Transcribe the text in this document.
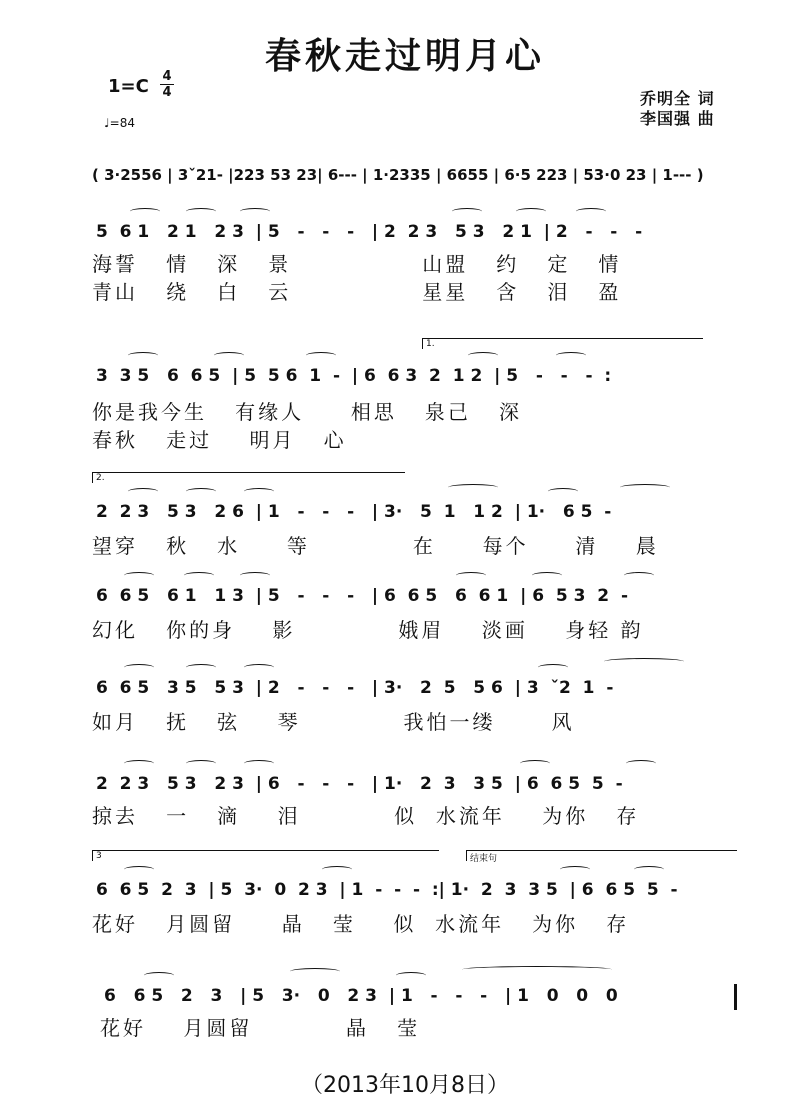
春秋走过明月心
1=C 4
4
♩=84
乔明全 词
李国强 曲
( 3·2556 | 3ˇ21- |223 53 23| 6--- | 1·2335 | 6655 | 6·5 223 | 53·0 23 | 1--- )
5  6 1   2 1   2 3  | 5   -   -   -   | 2  2 3   5 3   2 1  | 2   -   -   -
海誓   情   深   景              山盟   约   定   情
青山   绕   白   云              星星   含   泪   盈
1.
3  3 5   6  6 5  | 5  5 6  1  -  | 6  6 3  2  1 2  | 5   -   -   -  :
你是我今生   有缘人     相思   泉己   深
春秋   走过    明月   心
2.
2  2 3   5 3   2 6  | 1   -   -   -   | 3·   5  1   1 2  | 1·   6 5  -
望穿   秋   水     等           在     每个     清    晨
6  6 5   6 1   1 3  | 5   -   -   -   | 6  6 5   6  6 1  | 6  5 3  2  -
幻化   你的身    影           娥眉    淡画    身轻 韵
6  6 5   3 5   5 3  | 2   -   -   -   | 3·   2  5   5 6  | 3  ˇ2  1  -
如月   抚   弦    琴           我怕一缕      风
2  2 3   5 3   2 3  | 6   -   -   -   | 1·   2  3   3 5  | 6  6 5  5  -
掠去   一   滴    泪          似  水流年    为你   存
3	结束句
6  6 5  2  3  | 5  3·  0  2 3  | 1  -  -  -  :| 1·  2  3  3 5  | 6  6 5  5  -
花好   月圆留     晶   莹    似  水流年   为你   存
6   6 5   2   3   | 5   3·   0   2 3  | 1   -   -   -   | 1   0   0   0
花好    月圆留          晶   莹
（2013年10月8日）
